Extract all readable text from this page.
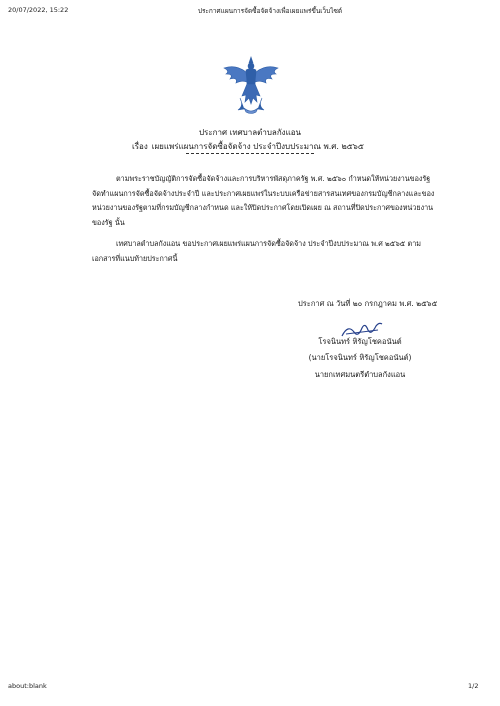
20/07/2022, 15:22	ประกาศแผนการจัดซื้อจัดจ้างเพื่อเผยแพร่ขึ้นเว็บไซต์
ประกาศ เทศบาลตำบลกังแอน
เรื่อง เผยแพร่แผนการจัดซื้อจัดจ้าง ประจำปีงบประมาณ พ.ศ. ๒๕๖๕
ตามพระราชบัญญัติการจัดซื้อจัดจ้างและการบริหารพัสดุภาครัฐ พ.ศ. ๒๕๖๐ กำหนดให้หน่วยงานของรัฐ
จัดทำแผนการจัดซื้อจัดจ้างประจำปี และประกาศเผยแพร่ในระบบเครือข่ายสารสนเทศของกรมบัญชีกลางและของ
หน่วยงานของรัฐตามที่กรมบัญชีกลางกำหนด และให้ปิดประกาศโดยเปิดเผย ณ สถานที่ปิดประกาศของหน่วยงาน
ของรัฐ นั้น
เทศบาลตำบลกังแอน ขอประกาศเผยแพร่แผนการจัดซื้อจัดจ้าง ประจำปีงบประมาณ พ.ศ ๒๕๖๕ ตาม
เอกสารที่แนบท้ายประกาศนี้
ประกาศ ณ วันที่ ๒๐ กรกฎาคม พ.ศ. ๒๕๖๕
โรจนินทร์ หิรัญโชคอนันต์
(นายโรจนินทร์ หิรัญโชคอนันต์)
นายกเทศมนตรีตำบลกังแอน
about:blank	1/2
